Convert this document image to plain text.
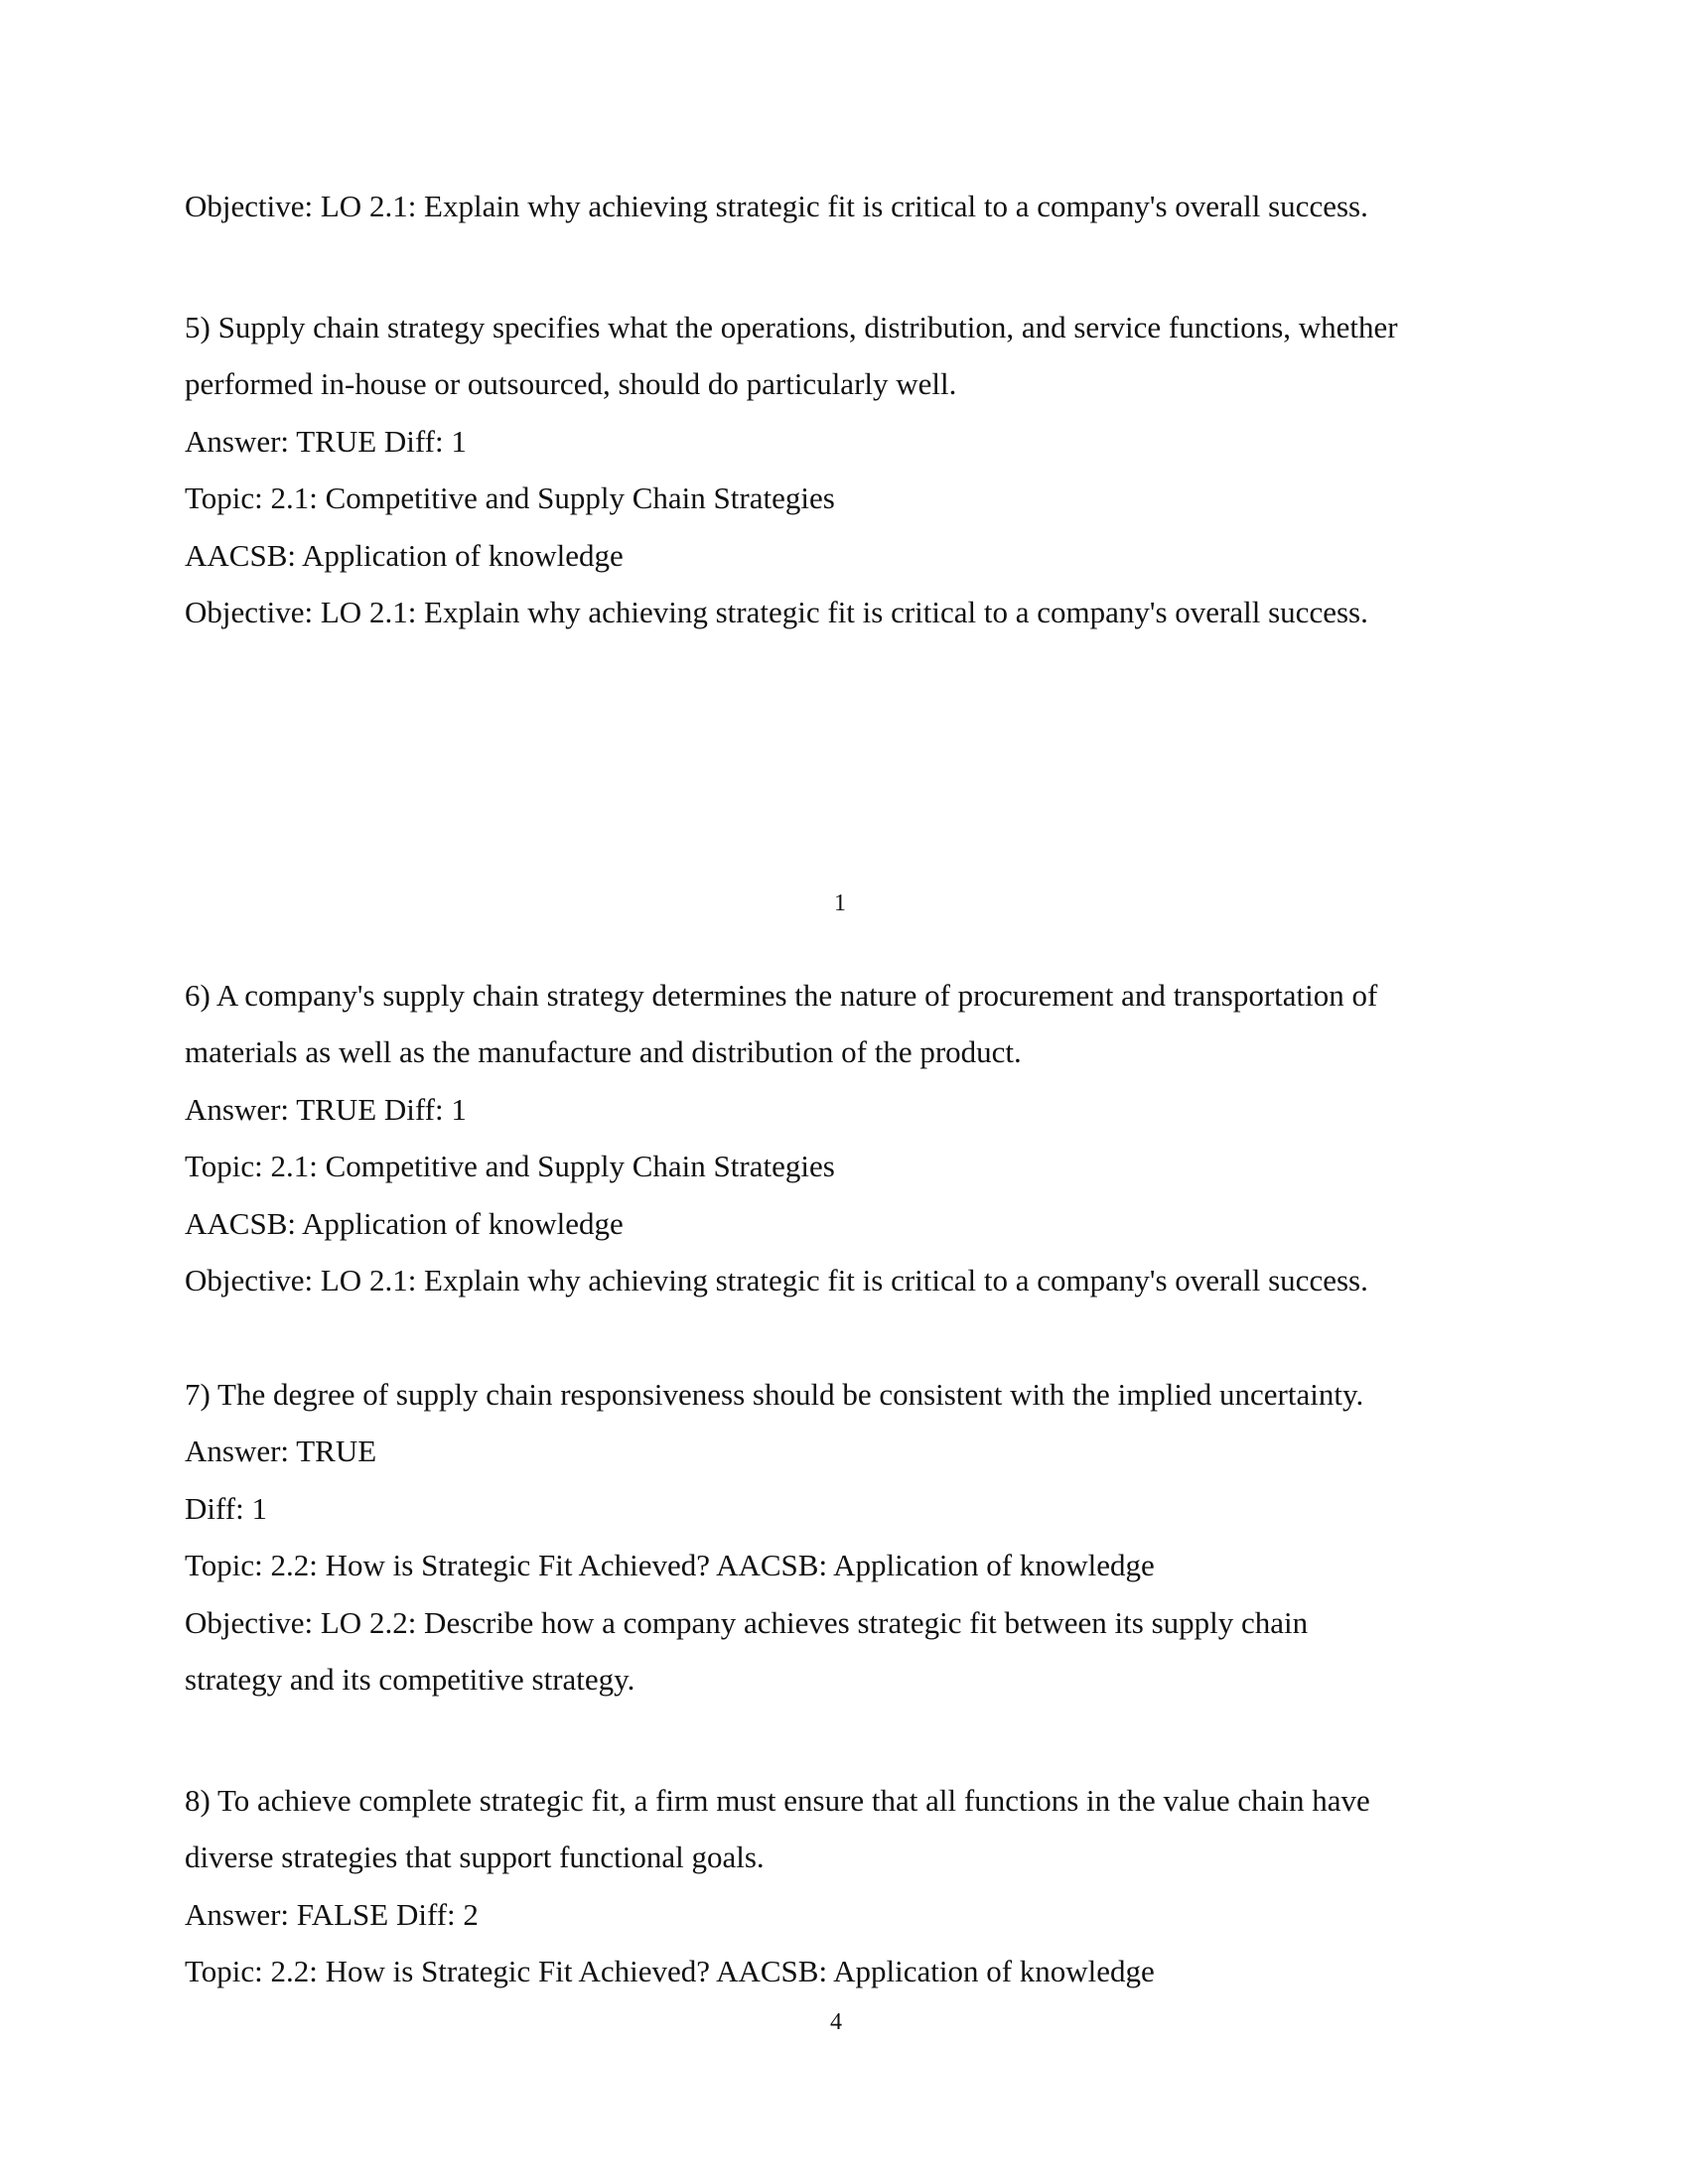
Objective: LO 2.1: Explain why achieving strategic fit is critical to a company's overall success.
5) Supply chain strategy specifies what the operations, distribution, and service functions, whether
performed in-house or outsourced, should do particularly well.
Answer: TRUE Diff: 1
Topic: 2.1: Competitive and Supply Chain Strategies
AACSB: Application of knowledge
Objective: LO 2.1: Explain why achieving strategic fit is critical to a company's overall success.
1
6) A company's supply chain strategy determines the nature of procurement and transportation of
materials as well as the manufacture and distribution of the product.
Answer: TRUE Diff: 1
Topic: 2.1: Competitive and Supply Chain Strategies
AACSB: Application of knowledge
Objective: LO 2.1: Explain why achieving strategic fit is critical to a company's overall success.
7) The degree of supply chain responsiveness should be consistent with the implied uncertainty.
Answer: TRUE
Diff: 1
Topic: 2.2: How is Strategic Fit Achieved? AACSB: Application of knowledge
Objective: LO 2.2: Describe how a company achieves strategic fit between its supply chain
strategy and its competitive strategy.
8) To achieve complete strategic fit, a firm must ensure that all functions in the value chain have
diverse strategies that support functional goals.
Answer: FALSE Diff: 2
Topic: 2.2: How is Strategic Fit Achieved? AACSB: Application of knowledge
4
